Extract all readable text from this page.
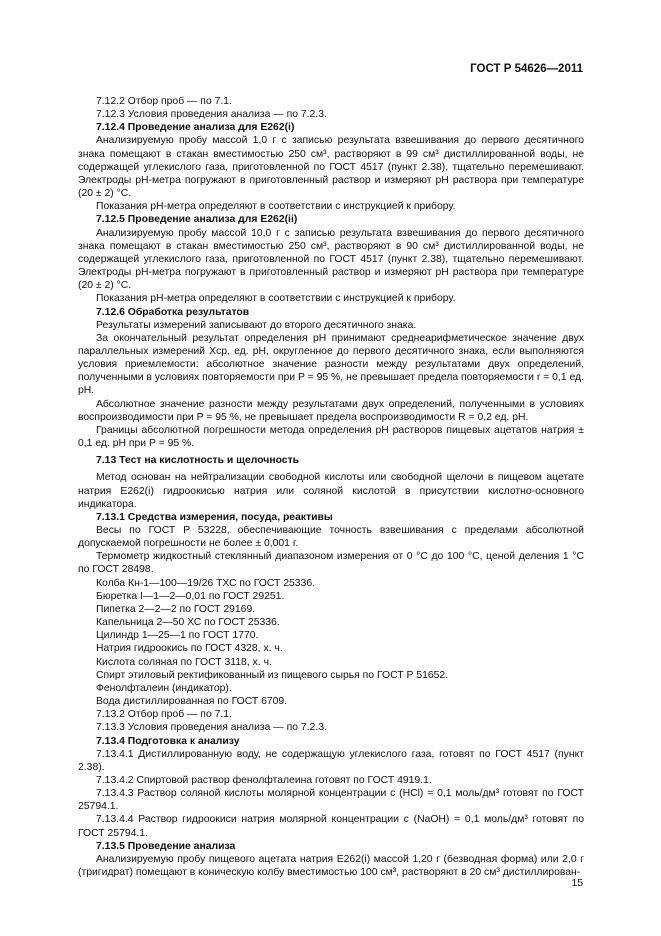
ГОСТ Р 54626—2011
7.12.2 Отбор проб — по 7.1.
7.12.3 Условия проведения анализа — по 7.2.3.
7.12.4 Проведение анализа для Е262(i)
Анализируемую пробу массой 1,0 г с записью результата взвешивания до первого десятичного знака помещают в стакан вместимостью 250 см³, растворяют в 99 см³ дистиллированной воды, не содержащей углекислого газа, приготовленной по ГОСТ 4517 (пункт 2.38), тщательно перемешивают. Электроды рН-метра погружают в приготовленный раствор и измеряют рН раствора при температуре (20 ± 2) °С.
Показания рН-метра определяют в соответствии с инструкцией к прибору.
7.12.5 Проведение анализа для Е262(ii)
Анализируемую пробу массой 10,0 г с записью результата взвешивания до первого десятичного знака помещают в стакан вместимостью 250 см³, растворяют в 90 см³ дистиллированной воды, не содержащей углекислого газа, приготовленной по ГОСТ 4517 (пункт 2.38), тщательно перемешивают. Электроды рН-метра погружают в приготовленный раствор и измеряют рН раствора при температуре (20 ± 2) °С.
Показания рН-метра определяют в соответствии с инструкцией к прибору.
7.12.6 Обработка результатов
Результаты измерений записывают до второго десятичного знака.
За окончательный результат определения рН принимают среднеарифметическое значение двух параллельных измерений Xср, ед. рН, округленное до первого десятичного знака, если выполняются условия приемлемости: абсолютное значение разности между результатами двух определений, полученными в условиях повторяемости при P = 95 %, не превышает предела повторяемости r = 0,1 ед. рН.
Абсолютное значение разности между результатами двух определений, полученными в условиях воспроизводимости при P = 95 %, не превышает предела воспроизводимости R = 0,2 ед. рН.
Границы абсолютной погрешности метода определения рН растворов пищевых ацетатов натрия ± 0,1 ед. рН при P = 95 %.
7.13 Тест на кислотность и щелочность
Метод основан на нейтрализации свободной кислоты или свободной щелочи в пищевом ацетате натрия Е262(i) гидроокисью натрия или соляной кислотой в присутствии кислотно-основного индикатора.
7.13.1 Средства измерения, посуда, реактивы
Весы по ГОСТ Р 53228, обеспечивающие точность взвешивания с пределами абсолютной допускаемой погрешности не более ± 0,001 г.
Термометр жидкостный стеклянный диапазоном измерения от 0 °С до 100 °С, ценой деления 1 °С по ГОСТ 28498.
Колба Кн-1—100—19/26 ТХС по ГОСТ 25336.
Бюретка I—1—2—0,01 по ГОСТ 29251.
Пипетка 2—2—2 по ГОСТ 29169.
Капельница 2—50 ХС по ГОСТ 25336.
Цилиндр 1—25—1 по ГОСТ 1770.
Натрия гидроокись по ГОСТ 4328, х. ч.
Кислота соляная по ГОСТ 3118, х. ч.
Спирт этиловый ректификованный из пищевого сырья по ГОСТ Р 51652.
Фенолфталеин (индикатор).
Вода дистиллированная по ГОСТ 6709.
7.13.2 Отбор проб — по 7.1.
7.13.3 Условия проведения анализа — по 7.2.3.
7.13.4 Подготовка к анализу
7.13.4.1 Дистиллированную воду, не содержащую углекислого газа, готовят по ГОСТ 4517 (пункт 2.38).
7.13.4.2 Спиртовой раствор фенолфталеина готовят по ГОСТ 4919.1.
7.13.4.3 Раствор соляной кислоты молярной концентрации с (НСl) = 0,1 моль/дм³ готовят по ГОСТ 25794.1.
7.13.4.4 Раствор гидроокиси натрия молярной концентрации с (NaOH) = 0,1 моль/дм³ готовят по ГОСТ 25794.1.
7.13.5 Проведение анализа
Анализируемую пробу пищевого ацетата натрия Е262(i) массой 1,20 г (безводная форма) или 2,0 г (тригидрат) помещают в коническую колбу вместимостью 100 см³, растворяют в 20 см³ дистиллирован-
15
